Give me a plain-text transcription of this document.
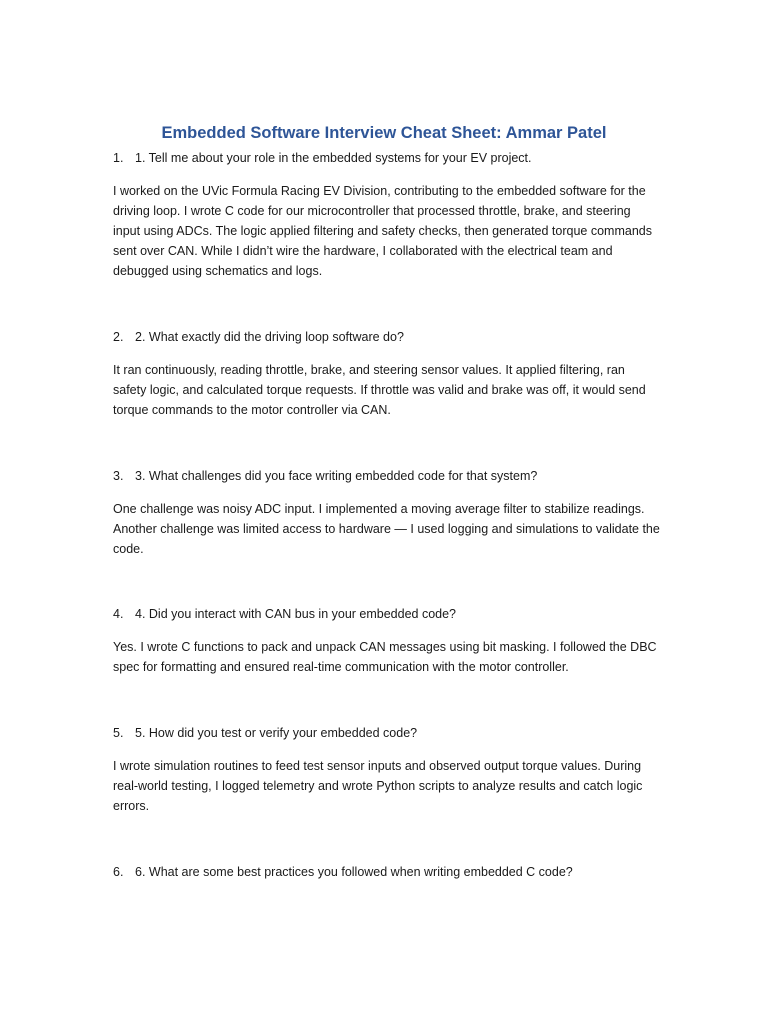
Embedded Software Interview Cheat Sheet: Ammar Patel
1. 1. Tell me about your role in the embedded systems for your EV project.

I worked on the UVic Formula Racing EV Division, contributing to the embedded software for the driving loop. I wrote C code for our microcontroller that processed throttle, brake, and steering input using ADCs. The logic applied filtering and safety checks, then generated torque commands sent over CAN. While I didn’t wire the hardware, I collaborated with the electrical team and debugged using schematics and logs.

2. 2. What exactly did the driving loop software do?

It ran continuously, reading throttle, brake, and steering sensor values. It applied filtering, ran safety logic, and calculated torque requests. If throttle was valid and brake was off, it would send torque commands to the motor controller via CAN.

3. 3. What challenges did you face writing embedded code for that system?

One challenge was noisy ADC input. I implemented a moving average filter to stabilize readings. Another challenge was limited access to hardware — I used logging and simulations to validate the code.

4. 4. Did you interact with CAN bus in your embedded code?

Yes. I wrote C functions to pack and unpack CAN messages using bit masking. I followed the DBC spec for formatting and ensured real-time communication with the motor controller.

5. 5. How did you test or verify your embedded code?

I wrote simulation routines to feed test sensor inputs and observed output torque values. During real-world testing, I logged telemetry and wrote Python scripts to analyze results and catch logic errors.

6. 6. What are some best practices you followed when writing embedded C code?
